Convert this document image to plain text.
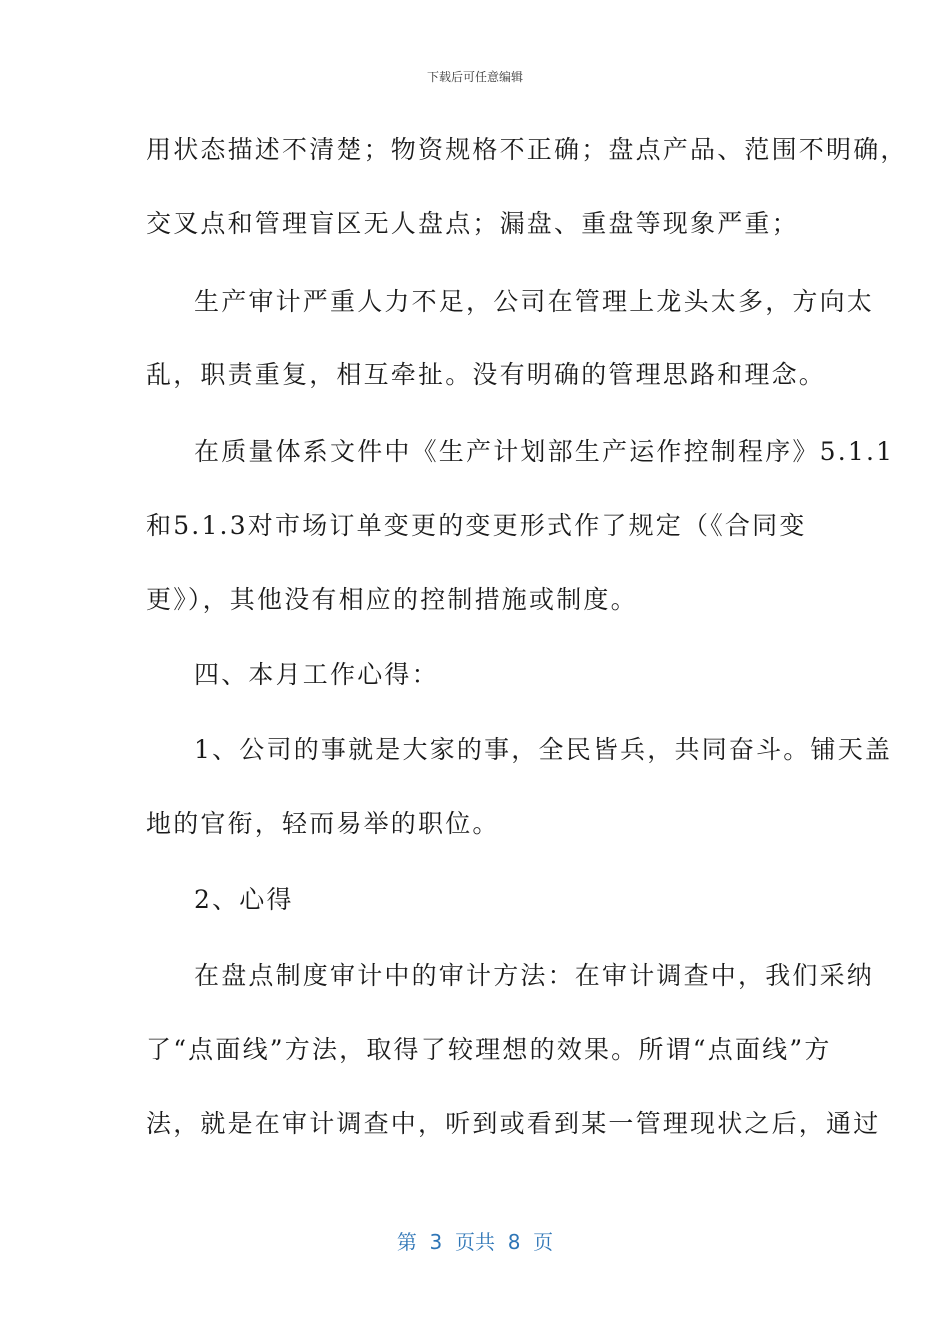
下载后可任意编辑
用状态描述不清楚；物资规格不正确；盘点产品、范围不明确，
交叉点和管理盲区无人盘点；漏盘、重盘等现象严重；
生产审计严重人力不足，公司在管理上龙头太多，方向太
乱，职责重复，相互牵扯。没有明确的管理思路和理念。
在质量体系文件中《生产计划部生产运作控制程序》5.1.1
和5.1.3对市场订单变更的变更形式作了规定（《合同变
更》），其他没有相应的控制措施或制度。
四、本月工作心得：
1、公司的事就是大家的事，全民皆兵，共同奋斗。铺天盖
地的官衔，轻而易举的职位。
2、心得
在盘点制度审计中的审计方法：在审计调查中，我们采纳
了“点面线”方法，取得了较理想的效果。所谓“点面线”方
法，就是在审计调查中，听到或看到某一管理现状之后，通过
第  3  页共  8  页
